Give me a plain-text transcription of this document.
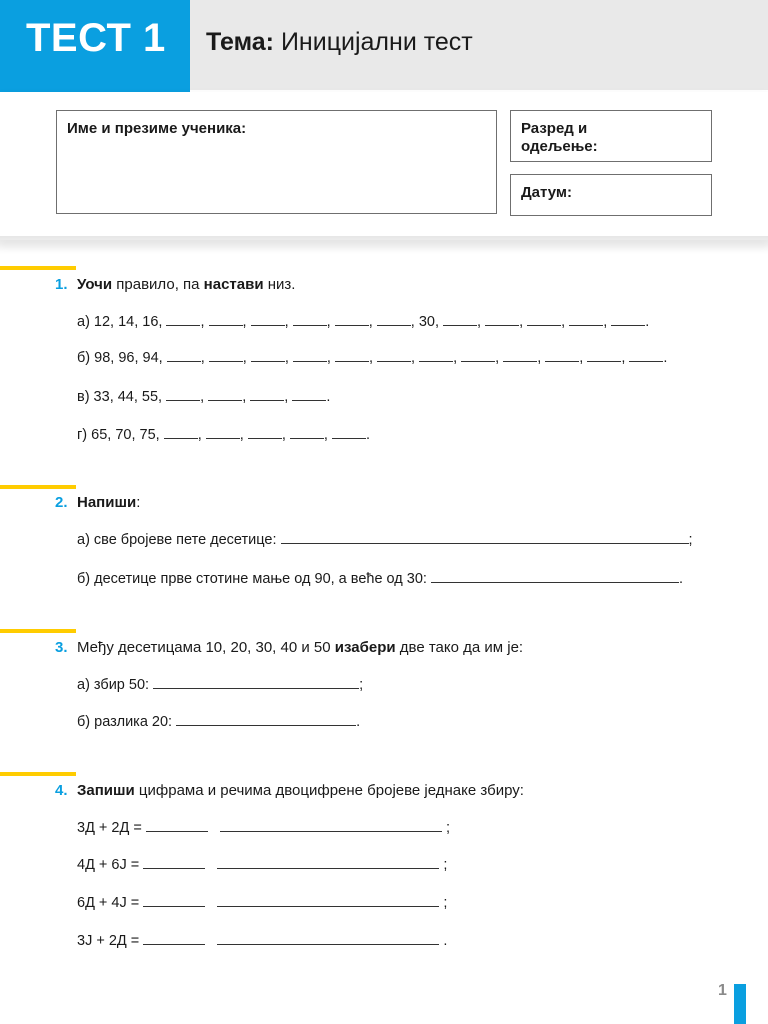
ТЕСТ 1 Тема: Иницијални тест
Име и презиме ученика:	Разред и
одељење:
Датум:
1. Уочи правило, па настави низ.
а) 12, 14, 16, , , , , , , 30, , , , , .
б) 98, 96, 94, , , , , , , , , , , , .
в) 33, 44, 55, , , , .
г) 65, 70, 75, , , , , .
2. Напиши:
а) све бројеве пете десетице:	;
б) десетице прве стотине мање од 90, а веће од 30:	.
3. Међу десетицама 10, 20, 30, 40 и 50 изабери две тако да им је:
а) збир 50:	;
б) разлика 20:	.
4. Запиши цифрама и речима двоцифрене бројеве једнаке збиру:
3Д + 2Д =	;
4Д + 6Ј =	;
6Д + 4Ј =	;
3Ј + 2Д =	.
1
